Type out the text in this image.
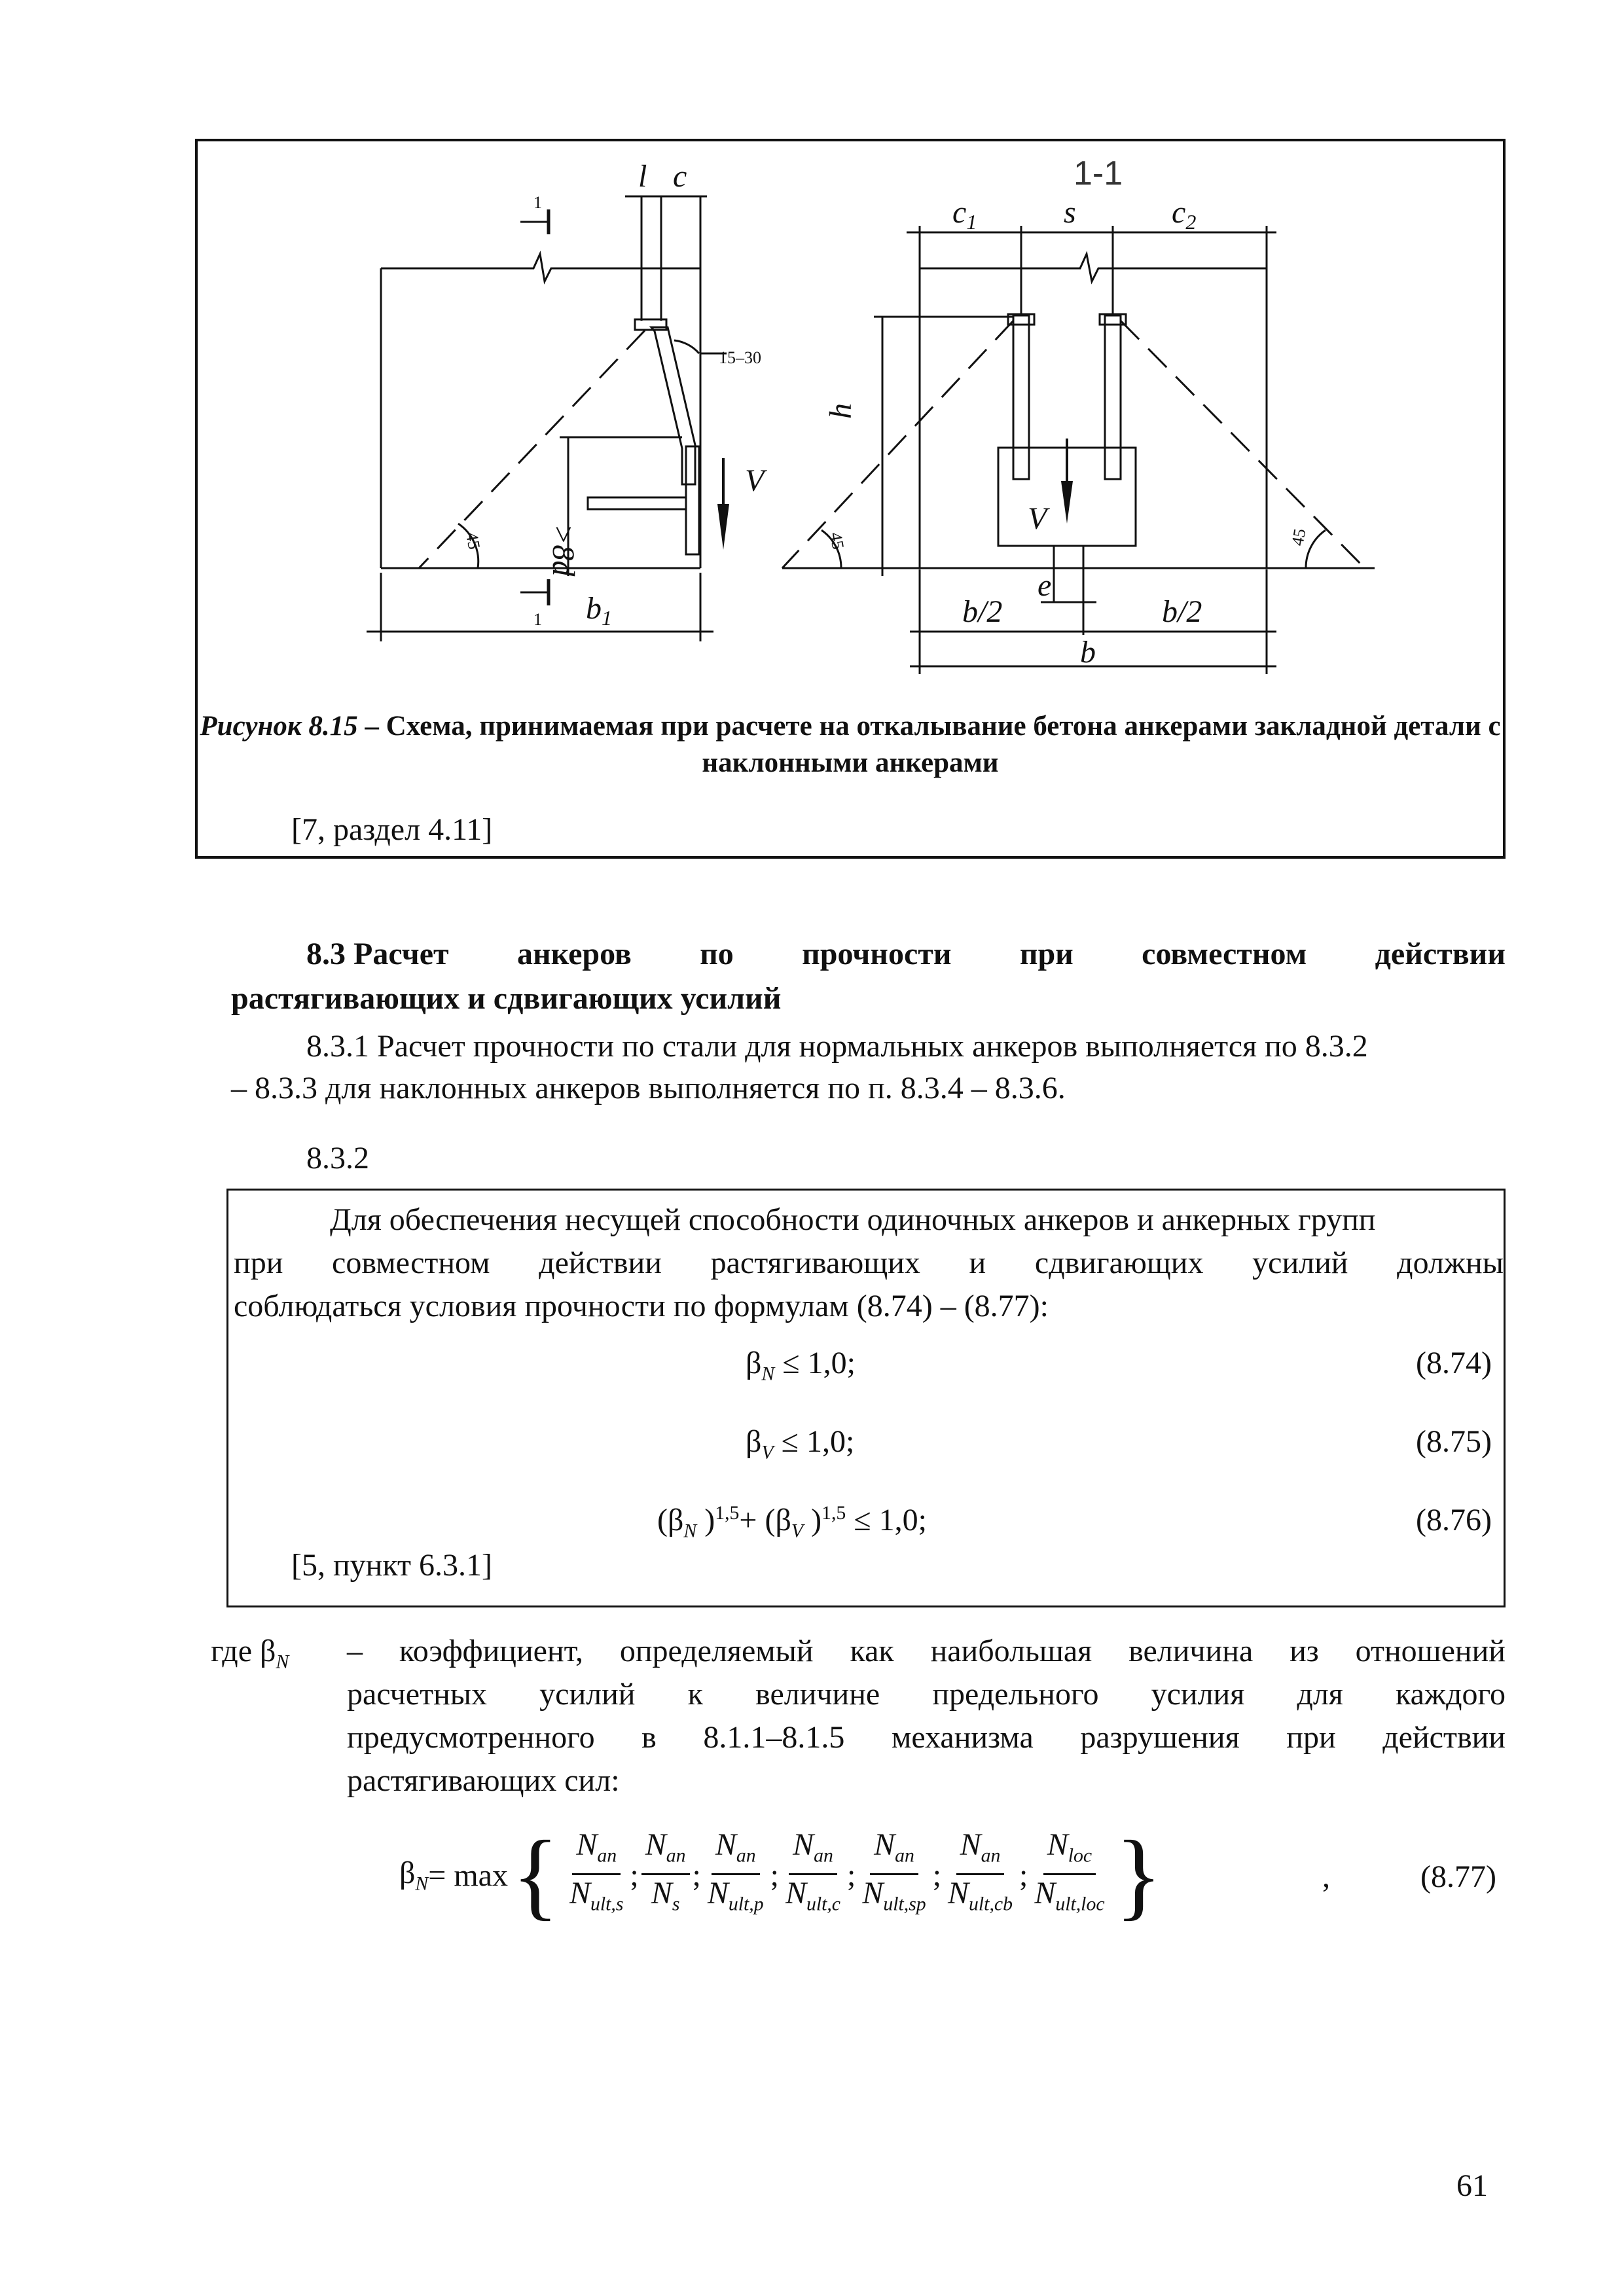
l c
V
$b_1$
>8d
1
1
15–30
45
$c_1$	s	$c_2$
V
h
e
b/2	b/2
b
45	45
1-1
Рисунок 8.15 – Схема, принимаемая при расчете на откалывание бетона анкерами закладной детали с наклонными анкерами
[7, раздел 4.11]
8.3 Расчет анкеров по прочности при совместном действии
растягивающих и сдвигающих усилий
8.3.1 Расчет прочности по стали для нормальных анкеров выполняется по 8.3.2
– 8.3.3 для наклонных анкеров выполняется по п. 8.3.4 – 8.3.6.
8.3.2
Для обеспечения несущей способности одиночных анкеров и анкерных групп
при совместном действии растягивающих и сдвигающих усилий должны
соблюдаться условия прочности по формулам (8.74) – (8.77):
$\beta_N \le 1,0$;	(8.74)
$\beta_V \le 1,0$;	(8.75)
($\beta_N$ )$^{1,5}+ (\beta_V$ )$^{1,5}$ ≤ 1,0;	(8.76)
[5, пункт 6.3.1]
где $\beta_N$ – коэффициент, определяемый как наибольшая величина из отношений
расчетных усилий к величине предельного усилия для каждого
предусмотренного в 8.1.1–8.1.5 механизма разрушения при действии
растягивающих сил:
$\beta_N = \max$ { $\frac{N_{an}}{N_{ult,s}}$ ; $\frac{N_{an}}{N_s}$ ; $\frac{N_{an}}{N_{ult,p}}$ ; $\frac{N_{an}}{N_{ult,c}}$ ; $\frac{N_{an}}{N_{ult,sp}}$ ; $\frac{N_{an}}{N_{ult,cb}}$ ; $\frac{N_{loc}}{N_{ult,loc}}$ }	,	(8.77)
61
